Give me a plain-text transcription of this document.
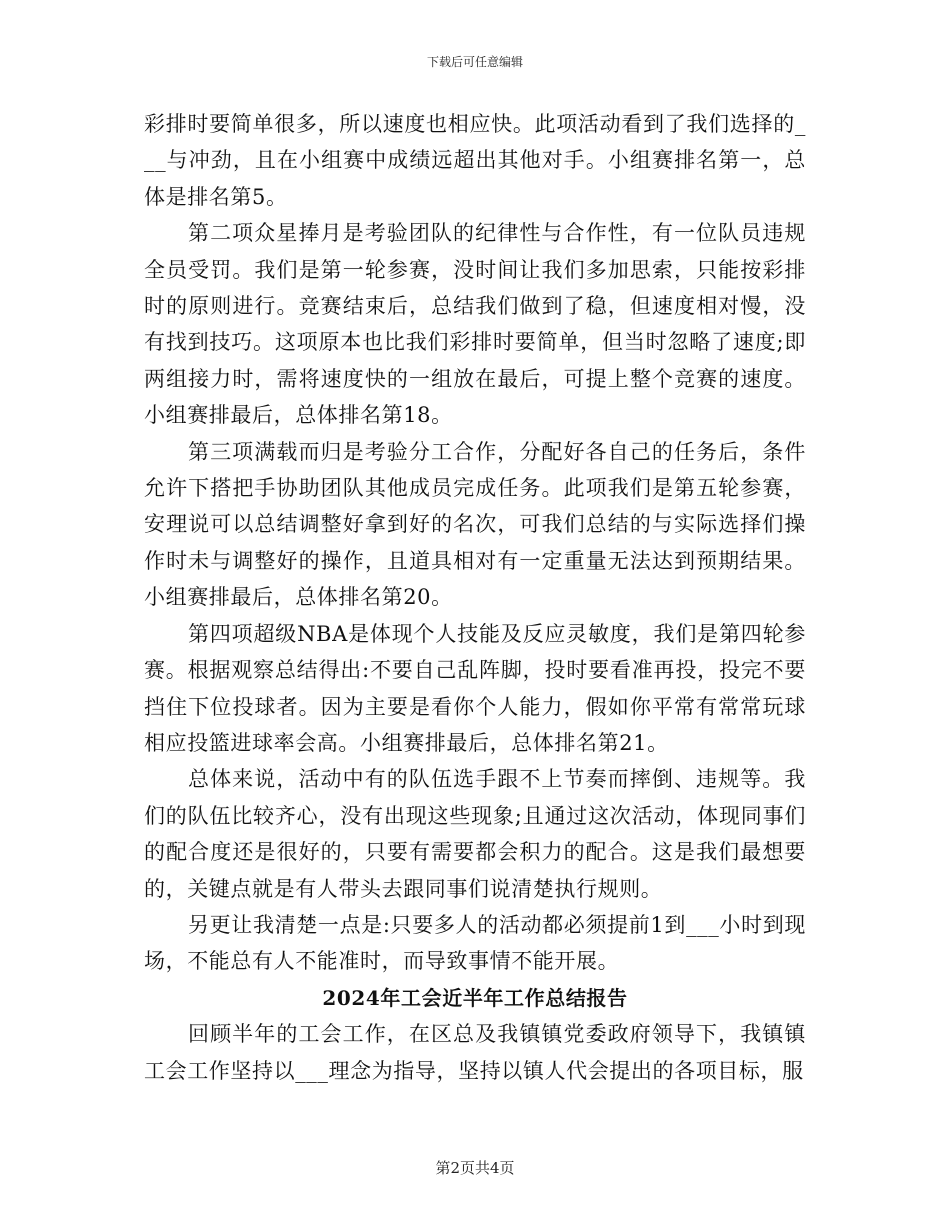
下载后可任意编辑

彩排时要简单很多，所以速度也相应快。此项活动看到了我们选择的___与冲劲，且在小组赛中成绩远超出其他对手。小组赛排名第一，总体是排名第5。

第二项众星捧月是考验团队的纪律性与合作性，有一位队员违规全员受罚。我们是第一轮参赛，没时间让我们多加思索，只能按彩排时的原则进行。竞赛结束后，总结我们做到了稳，但速度相对慢，没有找到技巧。这项原本也比我们彩排时要简单，但当时忽略了速度;即两组接力时，需将速度快的一组放在最后，可提上整个竞赛的速度。小组赛排最后，总体排名第18。

第三项满载而归是考验分工合作，分配好各自己的任务后，条件允许下搭把手协助团队其他成员完成任务。此项我们是第五轮参赛，安理说可以总结调整好拿到好的名次，可我们总结的与实际选择们操作时未与调整好的操作，且道具相对有一定重量无法达到预期结果。小组赛排最后，总体排名第20。

第四项超级NBA是体现个人技能及反应灵敏度，我们是第四轮参赛。根据观察总结得出:不要自己乱阵脚，投时要看准再投，投完不要挡住下位投球者。因为主要是看你个人能力，假如你平常有常常玩球相应投篮进球率会高。小组赛排最后，总体排名第21。

总体来说，活动中有的队伍选手跟不上节奏而摔倒、违规等。我们的队伍比较齐心，没有出现这些现象;且通过这次活动，体现同事们的配合度还是很好的，只要有需要都会积力的配合。这是我们最想要的，关键点就是有人带头去跟同事们说清楚执行规则。

另更让我清楚一点是:只要多人的活动都必须提前1到___小时到现场，不能总有人不能准时，而导致事情不能开展。

2024年工会近半年工作总结报告

回顾半年的工会工作，在区总及我镇镇党委政府领导下，我镇镇工会工作坚持以___理念为指导，坚持以镇人代会提出的各项目标，服

第2页共4页
